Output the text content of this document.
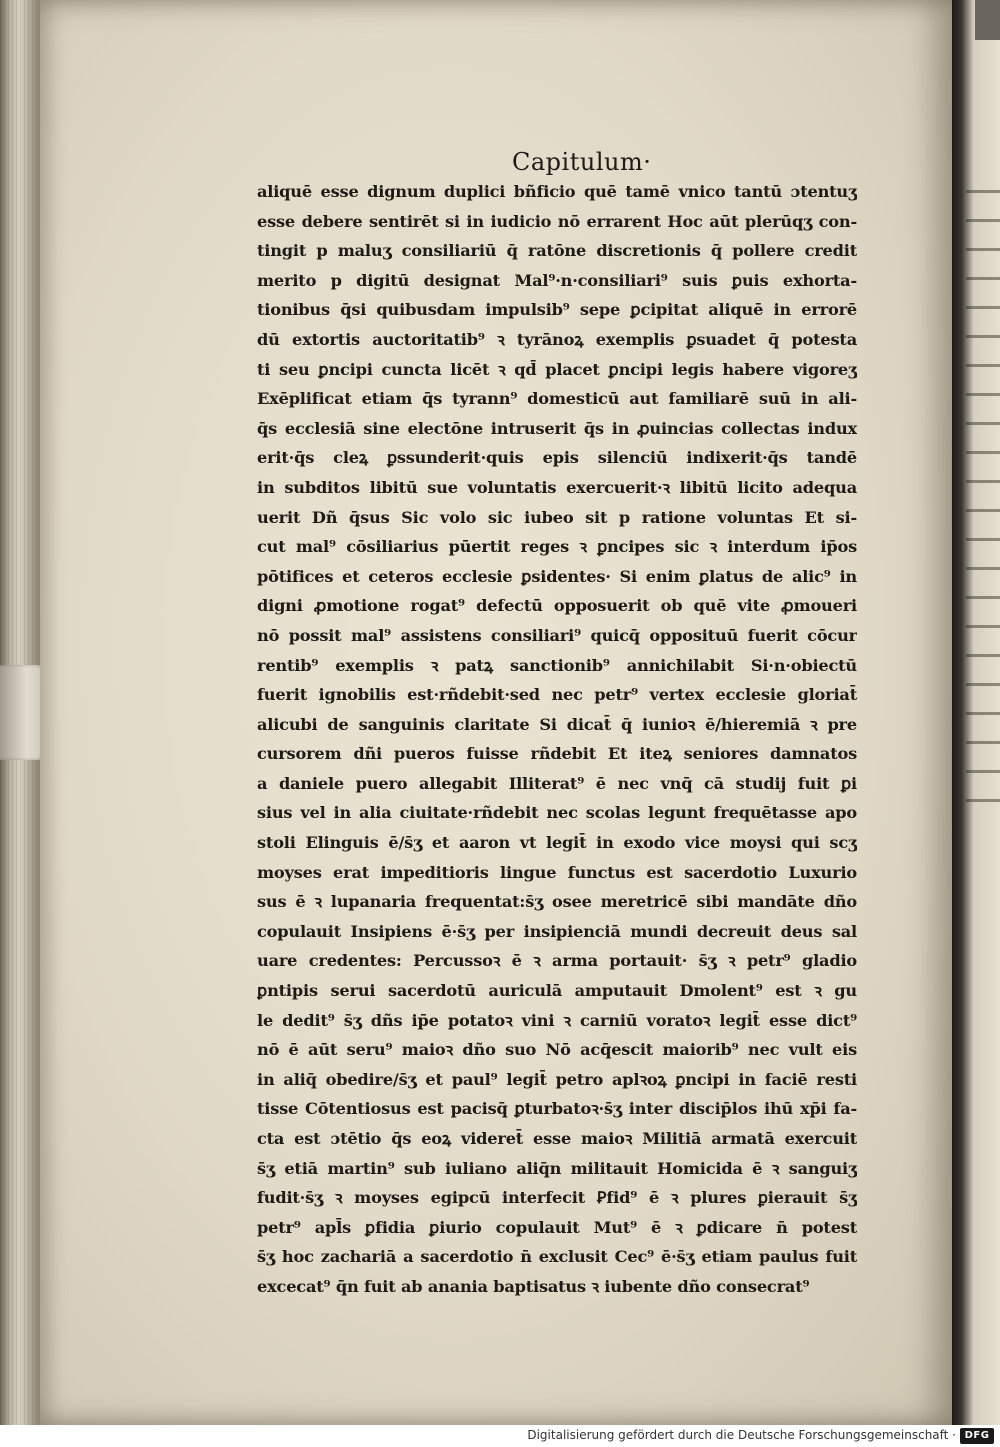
Capitulum·
aliquē esse dignum duplici bñficio quē tamē vnico tantū ɔtentuʒ
esse debere sentirēt si in iudicio nō errarent Hoc aūt plerūqʒ con-
tingit p maluʒ consiliariū q̄ ratōne discretionis q̄ pollere credit
merito p digitū designat Mal⁹·n·consiliari⁹ suis ꝑuis exhorta-
tionibus q̄si quibusdam impulsib⁹ sepe ꝑcipitat aliquē in errorē
dū extortis auctoritatib⁹ ꝛ tyrānoꝝ exemplis ꝑsuadet q̄ potesta
ti seu ꝑncipi cuncta licēt ꝛ qd̄ placet ꝑncipi legis habere vigoreʒ
Exēplificat etiam q̄s tyrann⁹ domesticū aut familiarē suū in ali-
q̄s ecclesiā sine electōne intruserit q̄s in ꝓuincias collectas indux
erit·q̄s cleꝝ ꝑssunderit·quis epis silenciū indixerit·q̄s tandē
in subditos libitū sue voluntatis exercuerit·ꝛ libitū licito adequa
uerit Dñ q̄sus Sic volo sic iubeo sit p ratione voluntas Et si-
cut mal⁹ cōsiliarius pūertit reges ꝛ ꝑncipes sic ꝛ interdum ip̄os
pōtifices et ceteros ecclesie ꝑsidentes· Si enim ꝑlatus de alic⁹ in
digni ꝓmotione rogat⁹ defectū opposuerit ob quē vite ꝓmoueri
nō possit mal⁹ assistens consiliari⁹ quicq̄ opposituū fuerit cōcur
rentib⁹ exemplis ꝛ patꝝ sanctionib⁹ annichilabit Si·n·obiectū
fuerit ignobilis est·rñdebit·sed nec petr⁹ vertex ecclesie gloriat̄
alicubi de sanguinis claritate Si dicat̄ q̄ iunioꝛ ē/hieremiā ꝛ pre
cursorem dñi pueros fuisse rñdebit Et iteꝝ seniores damnatos
a daniele puero allegabit Illiterat⁹ ē nec vnq̄ cā studij fuit ꝑi
sius vel in alia ciuitate·rñdebit nec scolas legunt frequētasse apo
stoli Elinguis ē/s̄ʒ et aaron vt legit̄ in exodo vice moysi qui scʒ
moyses erat impeditioris lingue functus est sacerdotio Luxurio
sus ē ꝛ lupanaria frequentat:s̄ʒ osee meretricē sibi mandāte dño
copulauit Insipiens ē·s̄ʒ per insipienciā mundi decreuit deus sal
uare credentes: Percussoꝛ ē ꝛ arma portauit· s̄ʒ ꝛ petr⁹ gladio
ꝑntipis serui sacerdotū auriculā amputauit Dmolent⁹ est ꝛ gu
le dedit⁹ s̄ʒ dñs ip̄e potatoꝛ vini ꝛ carniū voratoꝛ legit̄ esse dict⁹
nō ē aūt seru⁹ maioꝛ dño suo Nō acq̄escit maiorib⁹ nec vult eis
in aliq̄ obedire/s̄ʒ et paul⁹ legit̄ petro aplꝛoꝝ ꝑncipi in faciē resti
tisse Cōtentiosus est pacisq̄ ꝑturbatoꝛ·s̄ʒ inter discip̄los ihū xp̄i fa-
cta est ɔtētio q̄s eoꝝ videret̄ esse maioꝛ Militiā armatā exercuit
s̄ʒ etiā martin⁹ sub iuliano aliq̄n militauit Homicida ē ꝛ sanguiʒ
fudit·s̄ʒ ꝛ moyses egipcū interfecit Ꝑfid⁹ ē ꝛ plures ꝑierauit s̄ʒ
petr⁹ apl̄s ꝑfidia ꝑiurio copulauit Mut⁹ ē ꝛ ꝑdicare n̄ potest
s̄ʒ hoc zachariā a sacerdotio n̄ exclusit Cec⁹ ē·s̄ʒ etiam paulus fuit
excecat⁹ q̄n fuit ab anania baptisatus ꝛ iubente dño consecrat⁹
Digitalisierung gefördert durch die Deutsche Forschungsgemeinschaft · DFG
